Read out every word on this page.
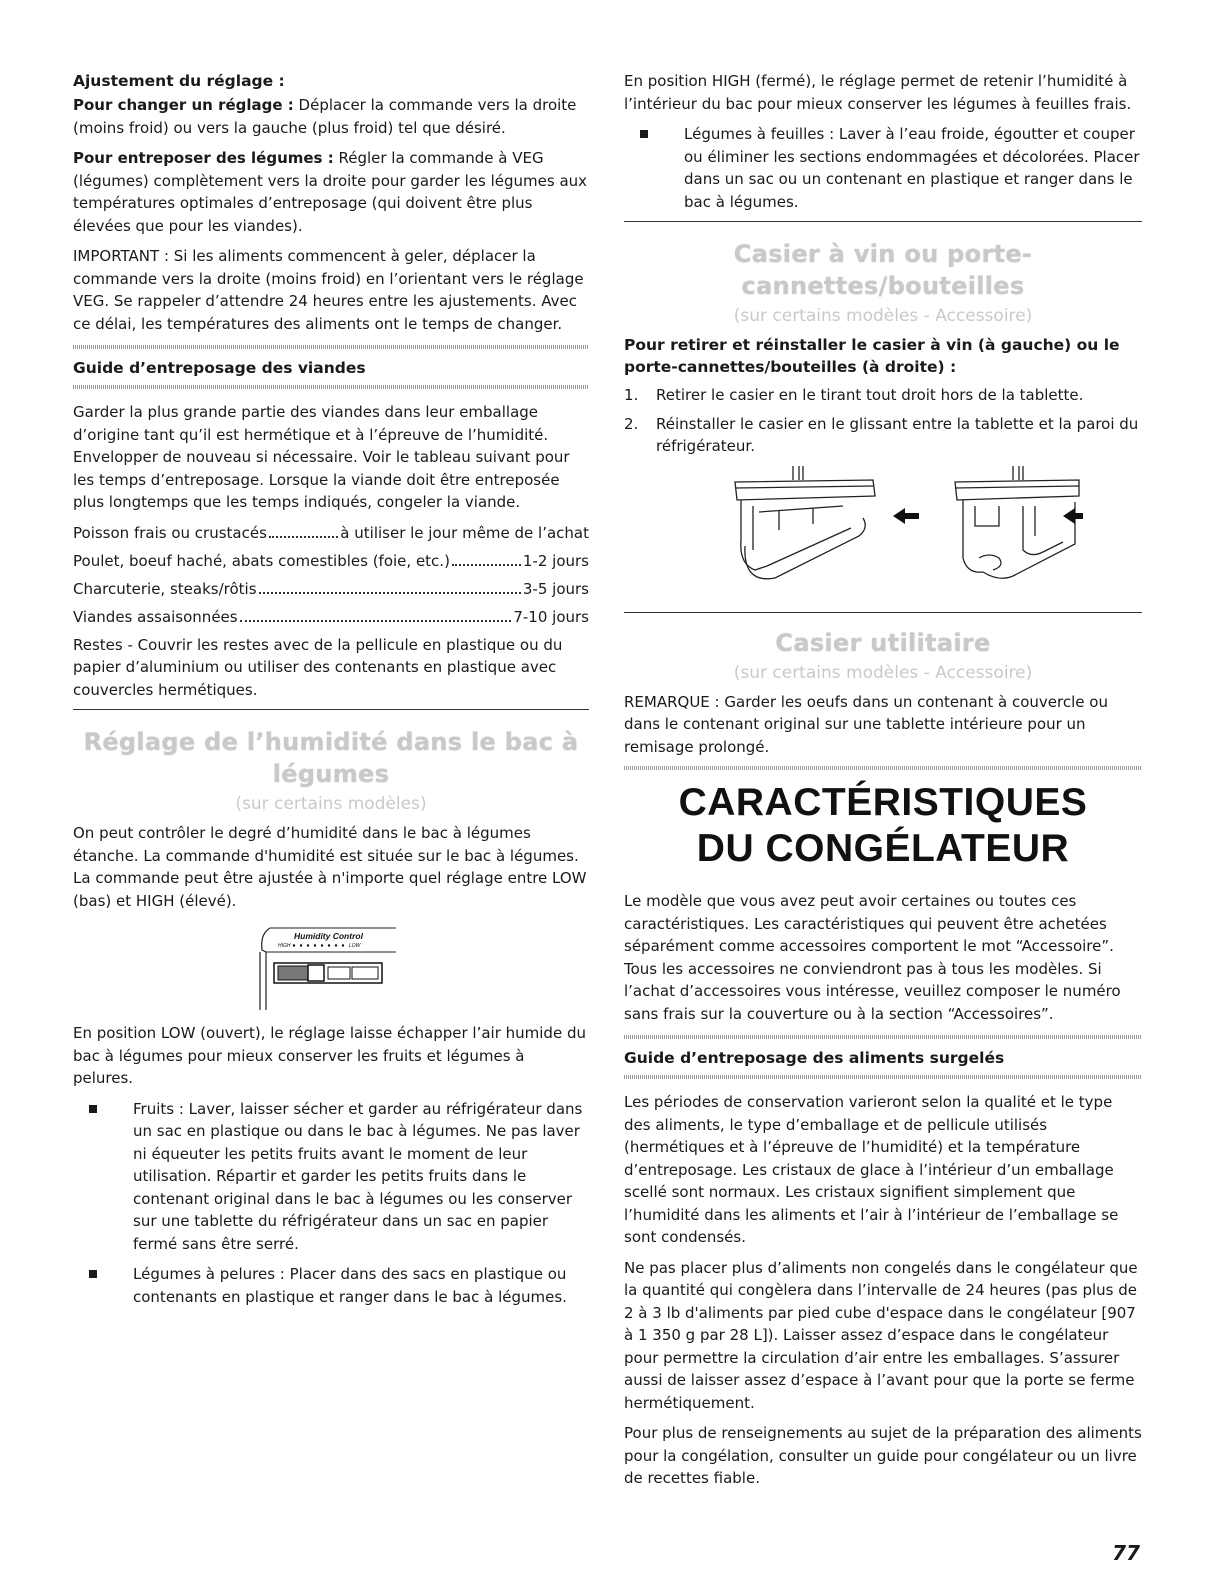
Ajustement du réglage :

Pour changer un réglage : Déplacer la commande vers la droite (moins froid) ou vers la gauche (plus froid) tel que désiré.

Pour entreposer des légumes : Régler la commande à VEG (légumes) complètement vers la droite pour garder les légumes aux températures optimales d’entreposage (qui doivent être plus élevées que pour les viandes).

IMPORTANT : Si les aliments commencent à geler, déplacer la commande vers la droite (moins froid) en l’orientant vers le réglage VEG. Se rappeler d’attendre 24 heures entre les ajustements. Avec ce délai, les températures des aliments ont le temps de changer.

Guide d’entreposage des viandes

Garder la plus grande partie des viandes dans leur emballage d’origine tant qu’il est hermétique et à l’épreuve de l’humidité. Envelopper de nouveau si nécessaire. Voir le tableau suivant pour les temps d’entreposage. Lorsque la viande doit être entreposée plus longtemps que les temps indiqués, congeler la viande.

Poisson frais ou crustacés	à utiliser le jour même de l’achat
Poulet, boeuf haché, abats comestibles (foie, etc.)	1-2 jours
Charcuterie, steaks/rôtis	3-5 jours
Viandes assaisonnées	7-10 jours

Restes - Couvrir les restes avec de la pellicule en plastique ou du papier d’aluminium ou utiliser des contenants en plastique avec couvercles hermétiques.

Réglage de l’humidité dans le bac à

légumes

(sur certains modèles)

On peut contrôler le degré d’humidité dans le bac à légumes étanche. La commande d'humidité est située sur le bac à légumes. La commande peut être ajustée à n'importe quel réglage entre LOW (bas) et HIGH (élevé).

Humidity Control
HIGH	LOW

En position LOW (ouvert), le réglage laisse échapper l’air humide du bac à légumes pour mieux conserver les fruits et légumes à pelures.

Fruits : Laver, laisser sécher et garder au réfrigérateur dans un sac en plastique ou dans le bac à légumes. Ne pas laver ni équeuter les petits fruits avant le moment de leur utilisation. Répartir et garder les petits fruits dans le contenant original dans le bac à légumes ou les conserver sur une tablette du réfrigérateur dans un sac en papier fermé sans être serré.
Légumes à pelures : Placer dans des sacs en plastique ou contenants en plastique et ranger dans le bac à légumes.

En position HIGH (fermé), le réglage permet de retenir l’humidité à l’intérieur du bac pour mieux conserver les légumes à feuilles frais.

Légumes à feuilles : Laver à l’eau froide, égoutter et couper ou éliminer les sections endommagées et décolorées. Placer dans un sac ou un contenant en plastique et ranger dans le bac à légumes.

Casier à vin ou porte-cannettes/bouteilles

(sur certains modèles - Accessoire)

Pour retirer et réinstaller le casier à vin (à gauche) ou le porte-cannettes/bouteilles (à droite) :

1. Retirer le casier en le tirant tout droit hors de la tablette.
2. Réinstaller le casier en le glissant entre la tablette et la paroi du réfrigérateur.

Casier utilitaire

(sur certains modèles - Accessoire)

REMARQUE : Garder les oeufs dans un contenant à couvercle ou dans le contenant original sur une tablette intérieure pour un remisage prolongé.

CARACTÉRISTIQUES
DU CONGÉLATEUR

Le modèle que vous avez peut avoir certaines ou toutes ces caractéristiques. Les caractéristiques qui peuvent être achetées séparément comme accessoires comportent le mot “Accessoire”. Tous les accessoires ne conviendront pas à tous les modèles. Si l’achat d’accessoires vous intéresse, veuillez composer le numéro sans frais sur la couverture ou à la section “Accessoires”.

Guide d’entreposage des aliments surgelés

Les périodes de conservation varieront selon la qualité et le type des aliments, le type d’emballage et de pellicule utilisés (hermétiques et à l’épreuve de l’humidité) et la température d’entreposage. Les cristaux de glace à l’intérieur d’un emballage scellé sont normaux. Les cristaux signifient simplement que l’humidité dans les aliments et l’air à l’intérieur de l’emballage se sont condensés.

Ne pas placer plus d’aliments non congelés dans le congélateur que la quantité qui congèlera dans l’intervalle de 24 heures (pas plus de 2 à 3 lb d'aliments par pied cube d'espace dans le congélateur [907 à 1 350 g par 28 L]). Laisser assez d’espace dans le congélateur pour permettre la circulation d’air entre les emballages. S’assurer aussi de laisser assez d’espace à l’avant pour que la porte se ferme hermétiquement.

Pour plus de renseignements au sujet de la préparation des aliments pour la congélation, consulter un guide pour congélateur ou un livre de recettes fiable.

77
